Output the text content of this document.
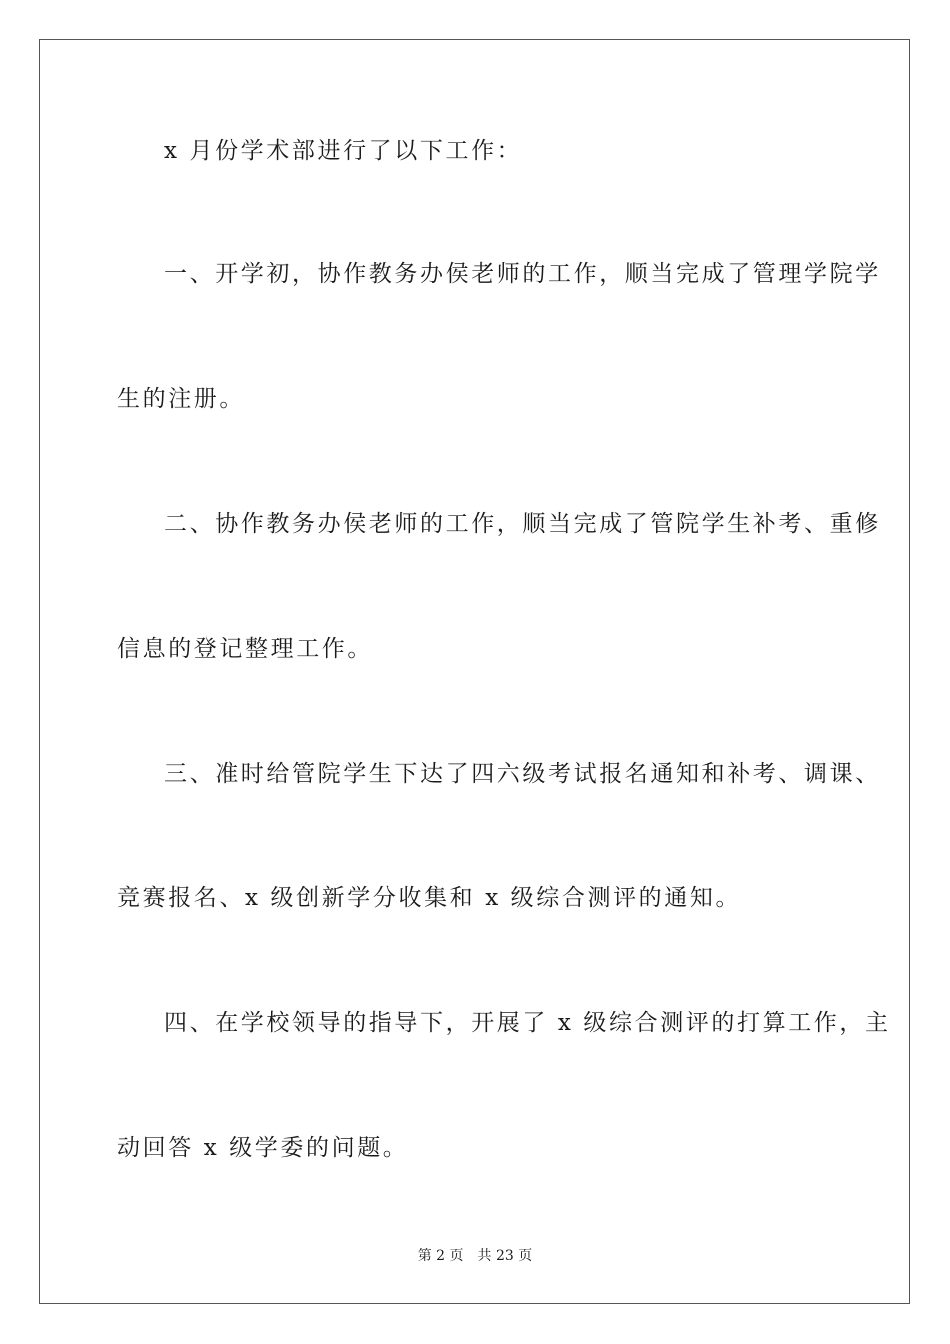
x 月份学术部进行了以下工作：
一、开学初，协作教务办侯老师的工作，顺当完成了管理学院学
生的注册。
二、协作教务办侯老师的工作，顺当完成了管院学生补考、重修
信息的登记整理工作。
三、准时给管院学生下达了四六级考试报名通知和补考、调课、
竞赛报名、x 级创新学分收集和 x 级综合测评的通知。
四、在学校领导的指导下，开展了 x 级综合测评的打算工作，主
动回答 x 级学委的问题。
第 2 页 共 23 页
